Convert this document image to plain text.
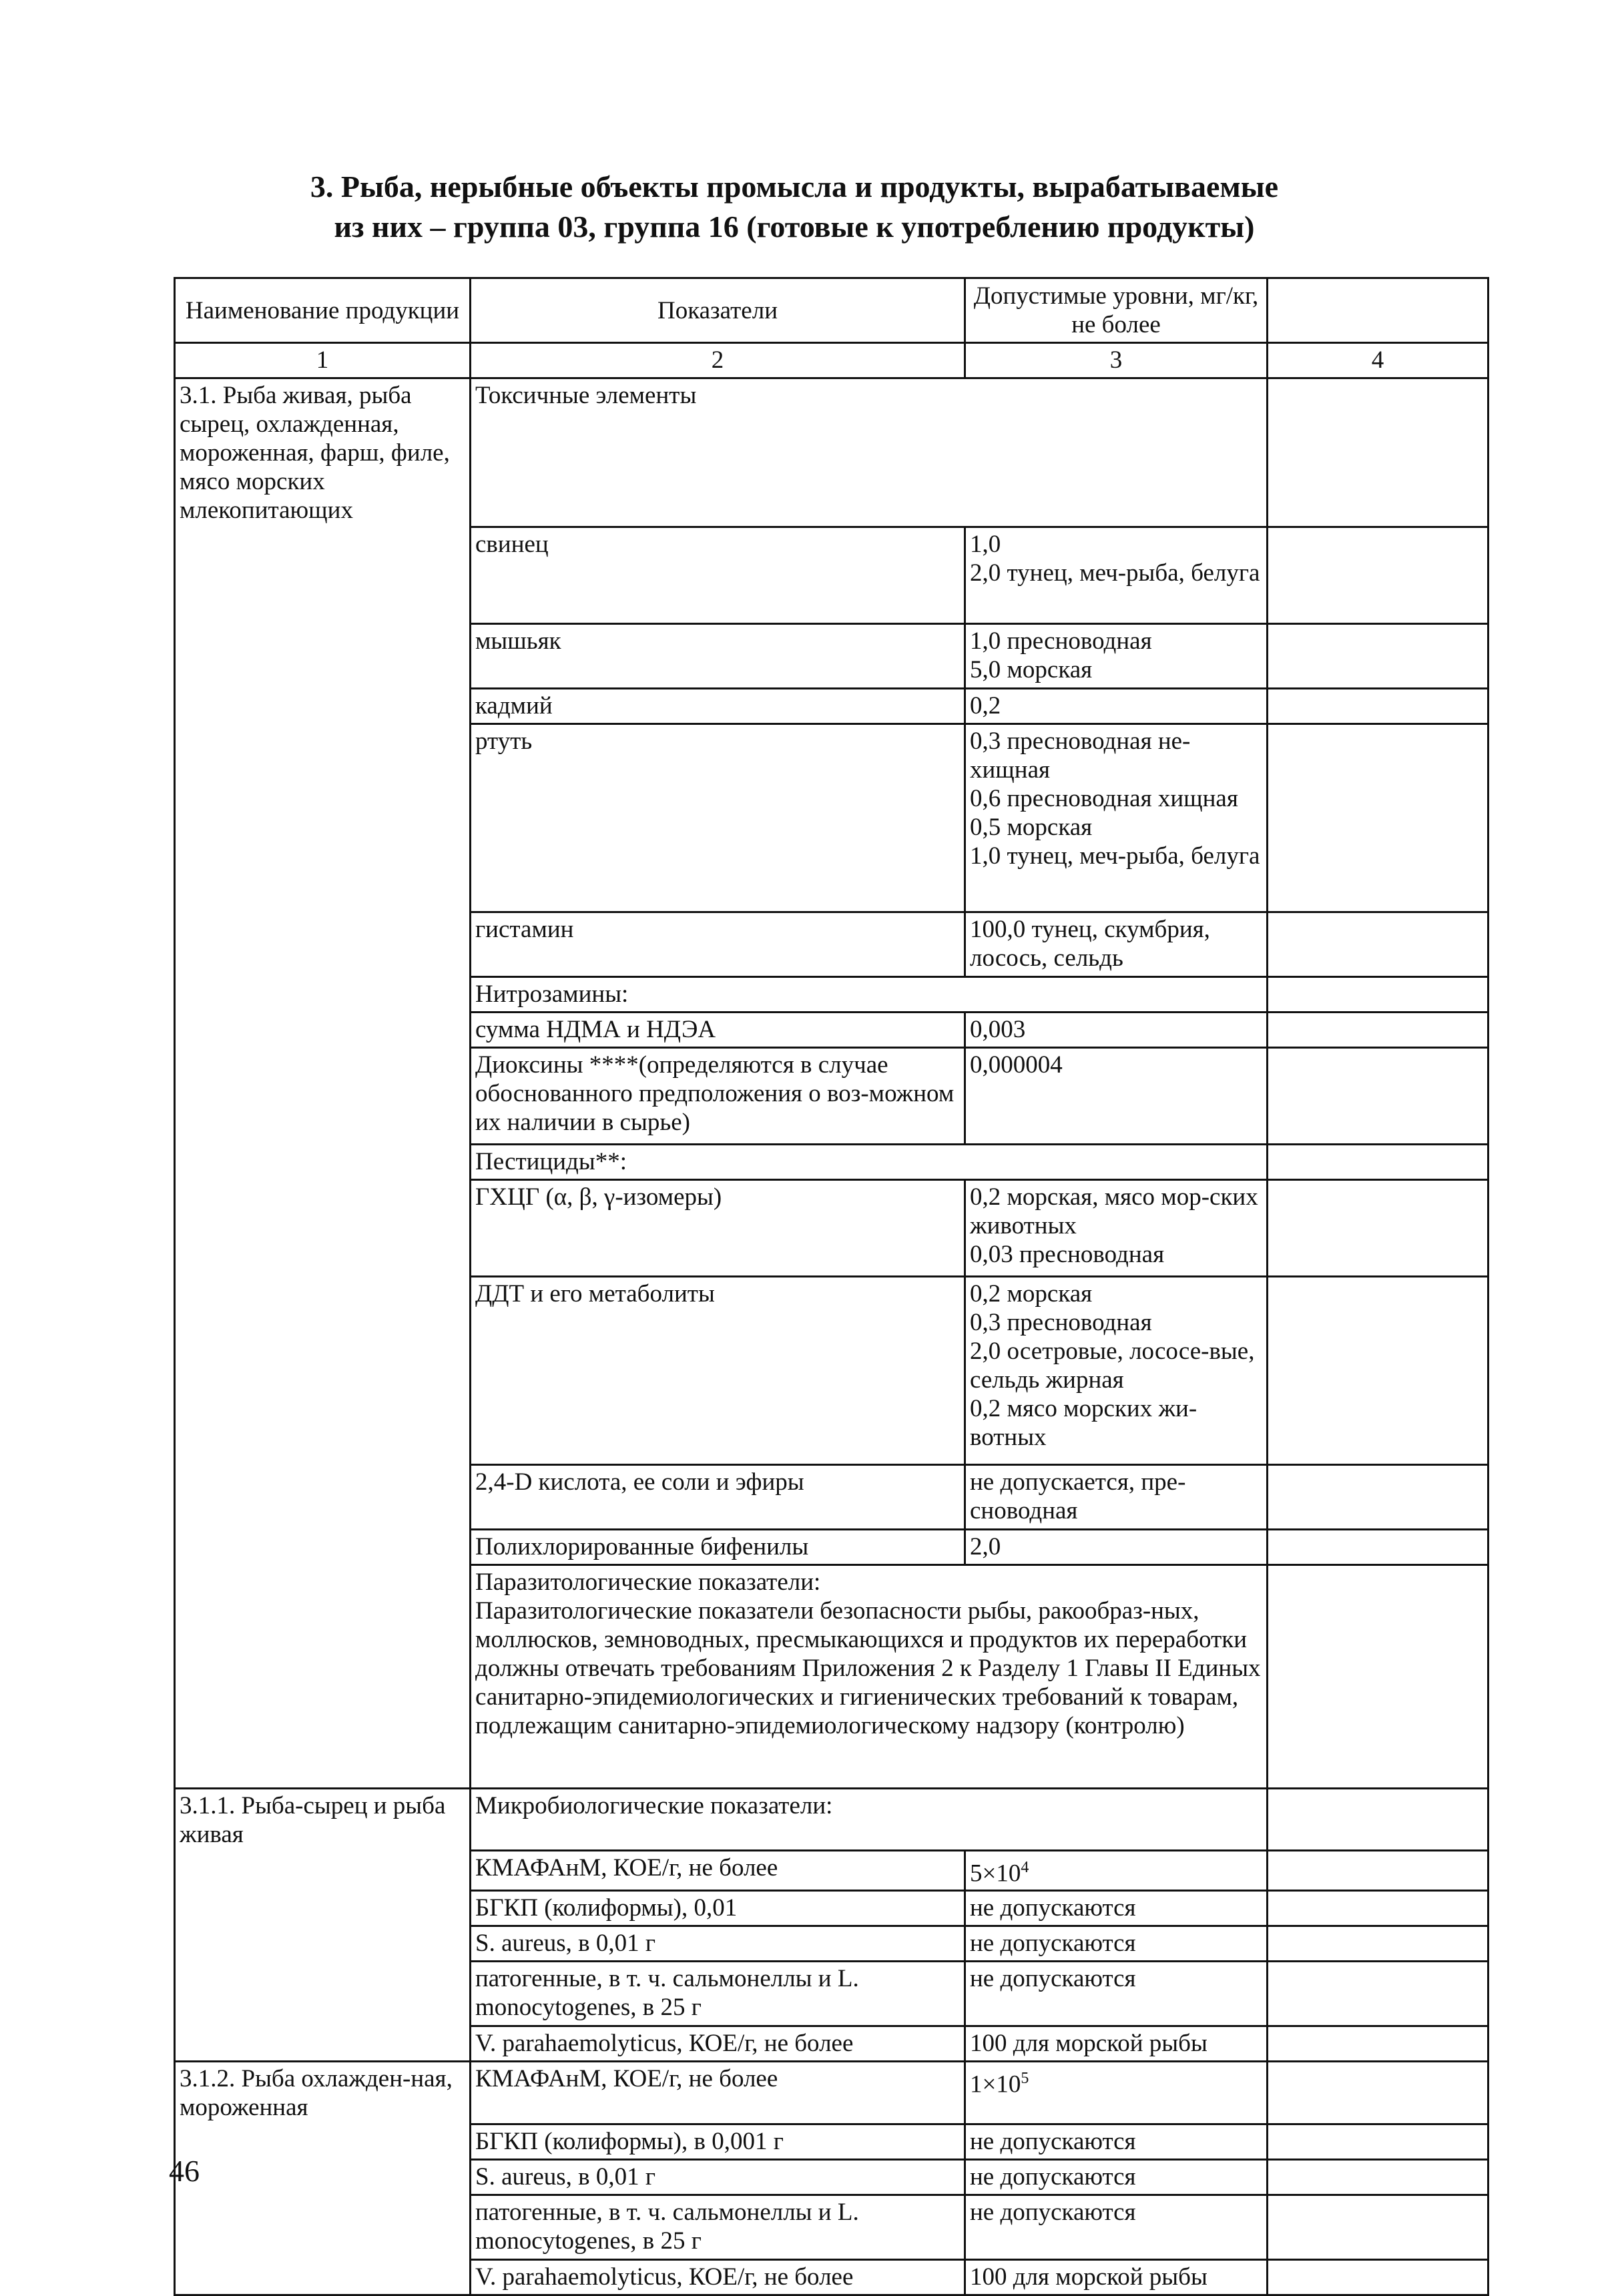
3. Рыба, нерыбные объекты промысла и продукты, вырабатываемые
из них – группа 03, группа 16 (готовые к употреблению продукты)
Наименование продукции	Показатели	Допустимые уровни, мг/кг, не более	
1	2	3	4
3.1. Рыба живая, рыба сырец, охлажденная, мороженная, фарш, филе, мясо морских млекопитающих	Токсичные элементы		
	свинец	1,0
2,0 тунец, меч-рыба, белуга	
	мышьяк	1,0 пресноводная
5,0 морская	
	кадмий	0,2	
	ртуть	0,3 пресноводная не-хищная
0,6 пресноводная хищная
0,5 морская
1,0 тунец, меч-рыба, белуга	
	гистамин	100,0 тунец, скумбрия, лосось, сельдь	
	Нитрозамины:		
	сумма НДМА и НДЭА	0,003	
	Диоксины ****(определяются в случае обоснованного предположения о воз-можном их наличии в сырье)	0,000004	
	Пестициды**:		
	ГХЦГ (α, β, γ-изомеры)	0,2 морская, мясо мор-ских животных
0,03 пресноводная	
	ДДТ и его метаболиты	0,2 морская
0,3 пресноводная
2,0 осетровые, лососе-вые, сельдь жирная
0,2 мясо морских жи-вотных	
	2,4-D кислота, ее соли и эфиры	не допускается, пре-сноводная	
	Полихлорированные бифенилы	2,0	
	Паразитологические показатели:
Паразитологические показатели безопасности рыбы, ракообраз-ных, моллюсков, земноводных, пресмыкающихся и продуктов их переработки должны отвечать требованиям Приложения 2 к Разделу 1 Главы II Единых санитарно-эпидемиологических и гигиенических требований к товарам, подлежащим санитарно-эпидемиологическому надзору (контролю)		
3.1.1. Рыба-сырец и рыба живая	Микробиологические показатели:		
	КМАФАнМ, КОЕ/г, не более	$5\times 10^4$	
	БГКП (колиформы), 0,01	не допускаются	
	S. aureus, в 0,01 г	не допускаются	
	патогенные, в т. ч. сальмонеллы и L. monocytogenes, в 25 г	не допускаются	
	V. parahaemolyticus, КОЕ/г, не более	100 для морской рыбы	
3.1.2. Рыба охлажден-ная, мороженная	КМАФАнМ, КОЕ/г, не более	$1\times 10^5$	
	БГКП (колиформы), в 0,001 г	не допускаются	
	S. aureus, в 0,01 г	не допускаются	
	патогенные, в т. ч. сальмонеллы и L. monocytogenes, в 25 г	не допускаются	
	V. parahaemolyticus, КОЕ/г, не более	100 для морской рыбы	
46
